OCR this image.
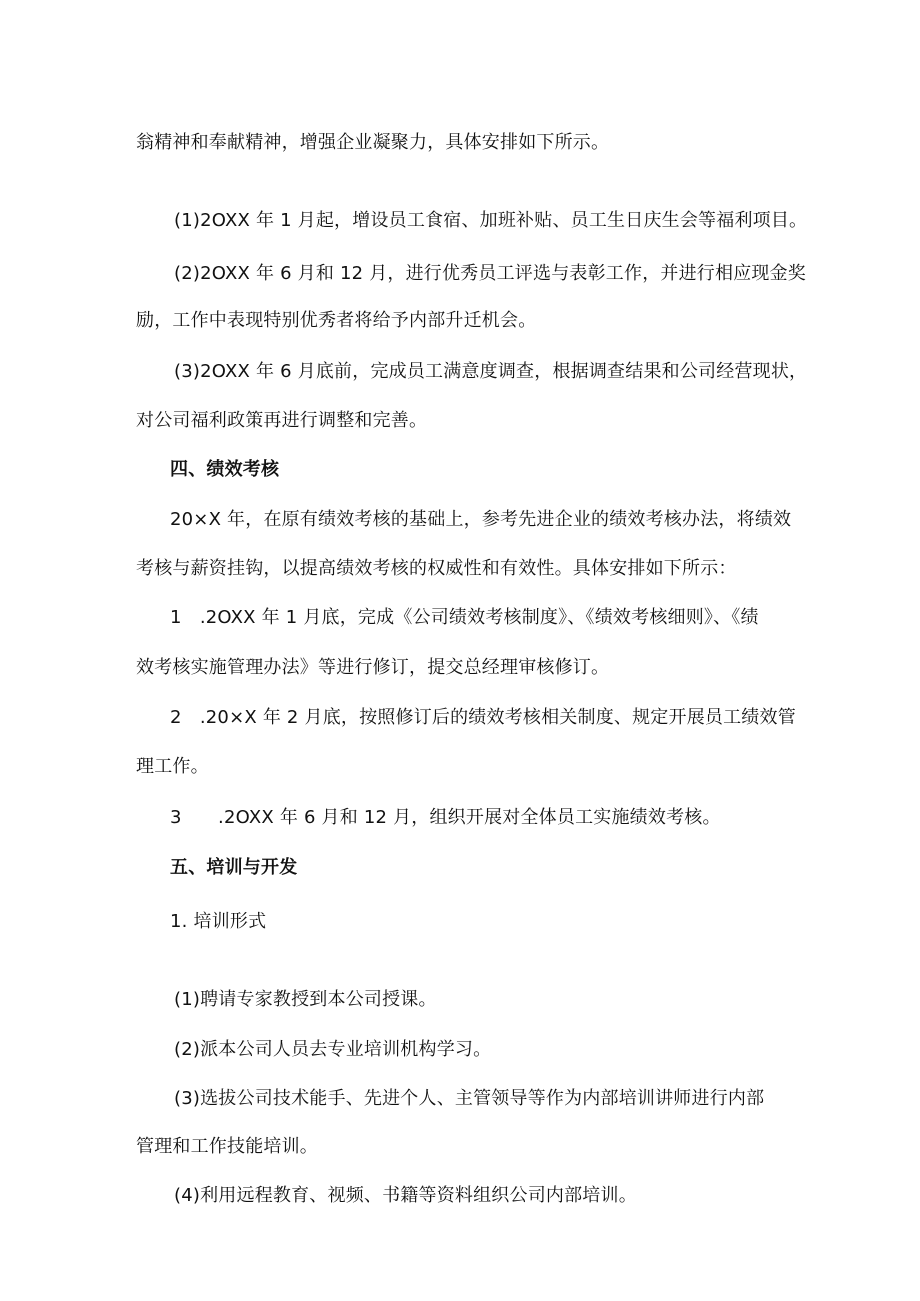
翁精神和奉献精神，增强企业凝聚力，具体安排如下所示。
(1)2OXX 年 1 月起，增设员工食宿、加班补贴、员工生日庆生会等福利项目。
(2)2OXX 年 6 月和 12 月，进行优秀员工评选与表彰工作，并进行相应现金奖
励，工作中表现特别优秀者将给予内部升迁机会。
(3)2OXX 年 6 月底前，完成员工满意度调查，根据调查结果和公司经营现状，
对公司福利政策再进行调整和完善。
四、绩效考核
20×X 年，在原有绩效考核的基础上，参考先进企业的绩效考核办法，将绩效
考核与薪资挂钩，以提高绩效考核的权威性和有效性。具体安排如下所示：
1　.2OXX 年 1 月底，完成《公司绩效考核制度》、《绩效考核细则》、《绩
效考核实施管理办法》等进行修订，提交总经理审核修订。
2　.20×X 年 2 月底，按照修订后的绩效考核相关制度、规定开展员工绩效管
理工作。
3　　.2OXX 年 6 月和 12 月，组织开展对全体员工实施绩效考核。
五、培训与开发
1. 培训形式
(1)聘请专家教授到本公司授课。
(2)派本公司人员去专业培训机构学习。
(3)选拔公司技术能手、先进个人、主管领导等作为内部培训讲师进行内部
管理和工作技能培训。
(4)利用远程教育、视频、书籍等资料组织公司内部培训。
